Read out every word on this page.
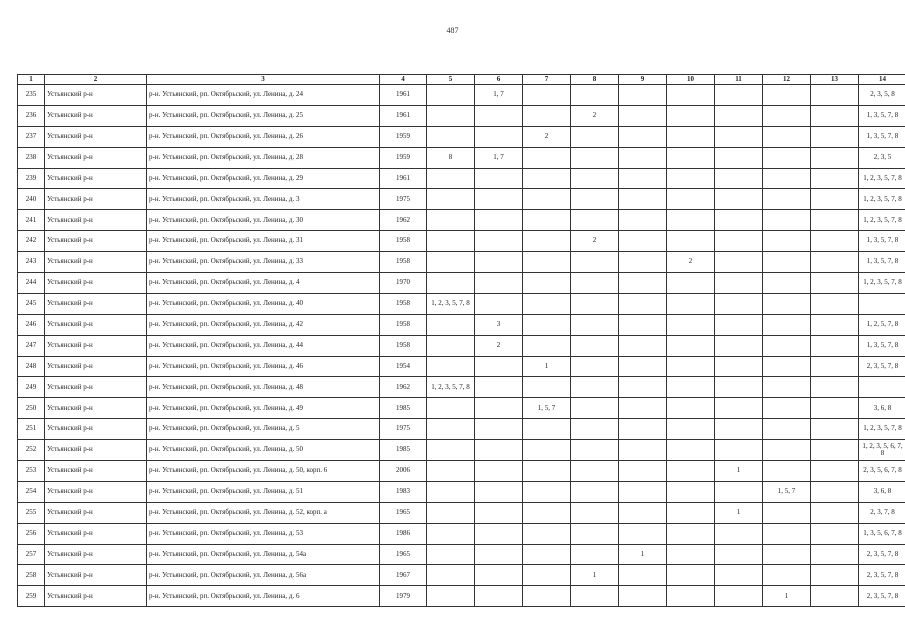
487
1	2	3	4	5	6	7	8	9	10	11	12	13	14
235	Устьянский р-н	р-н. Устьянский, рп. Октябрьский, ул. Ленина, д. 24	1961		1, 7								2, 3, 5, 8
236	Устьянский р-н	р-н. Устьянский, рп. Октябрьский, ул. Ленина, д. 25	1961				2						1, 3, 5, 7, 8
237	Устьянский р-н	р-н. Устьянский, рп. Октябрьский, ул. Ленина, д. 26	1959			2							1, 3, 5, 7, 8
238	Устьянский р-н	р-н. Устьянский, рп. Октябрьский, ул. Ленина, д. 28	1959	8	1, 7								2, 3, 5
239	Устьянский р-н	р-н. Устьянский, рп. Октябрьский, ул. Ленина, д. 29	1961										1, 2, 3, 5, 7, 8
240	Устьянский р-н	р-н. Устьянский, рп. Октябрьский, ул. Ленина, д. 3	1975										1, 2, 3, 5, 7, 8
241	Устьянский р-н	р-н. Устьянский, рп. Октябрьский, ул. Ленина, д. 30	1962										1, 2, 3, 5, 7, 8
242	Устьянский р-н	р-н. Устьянский, рп. Октябрьский, ул. Ленина, д. 31	1958				2						1, 3, 5, 7, 8
243	Устьянский р-н	р-н. Устьянский, рп. Октябрьский, ул. Ленина, д. 33	1958						2				1, 3, 5, 7, 8
244	Устьянский р-н	р-н. Устьянский, рп. Октябрьский, ул. Ленина, д. 4	1970										1, 2, 3, 5, 7, 8
245	Устьянский р-н	р-н. Устьянский, рп. Октябрьский, ул. Ленина, д. 40	1958	1, 2, 3, 5, 7, 8									
246	Устьянский р-н	р-н. Устьянский, рп. Октябрьский, ул. Ленина, д. 42	1958		3								1, 2, 5, 7, 8
247	Устьянский р-н	р-н. Устьянский, рп. Октябрьский, ул. Ленина, д. 44	1958		2								1, 3, 5, 7, 8
248	Устьянский р-н	р-н. Устьянский, рп. Октябрьский, ул. Ленина, д. 46	1954			1							2, 3, 5, 7, 8
249	Устьянский р-н	р-н. Устьянский, рп. Октябрьский, ул. Ленина, д. 48	1962	1, 2, 3, 5, 7, 8									
250	Устьянский р-н	р-н. Устьянский, рп. Октябрьский, ул. Ленина, д. 49	1985			1, 5, 7							3, 6, 8
251	Устьянский р-н	р-н. Устьянский, рп. Октябрьский, ул. Ленина, д. 5	1975										1, 2, 3, 5, 7, 8
252	Устьянский р-н	р-н. Устьянский, рп. Октябрьский, ул. Ленина, д. 50	1985										1, 2, 3, 5, 6, 7, 8
253	Устьянский р-н	р-н. Устьянский, рп. Октябрьский, ул. Ленина, д. 50, корп. 6	2006							1			2, 3, 5, 6, 7, 8
254	Устьянский р-н	р-н. Устьянский, рп. Октябрьский, ул. Ленина, д. 51	1983								1, 5, 7		3, 6, 8
255	Устьянский р-н	р-н. Устьянский, рп. Октябрьский, ул. Ленина, д. 52, корп. а	1965							1			2, 3, 7, 8
256	Устьянский р-н	р-н. Устьянский, рп. Октябрьский, ул. Ленина, д. 53	1986										1, 3, 5, 6, 7, 8
257	Устьянский р-н	р-н. Устьянский, рп. Октябрьский, ул. Ленина, д. 54а	1965					1					2, 3, 5, 7, 8
258	Устьянский р-н	р-н. Устьянский, рп. Октябрьский, ул. Ленина, д. 56а	1967				1						2, 3, 5, 7, 8
259	Устьянский р-н	р-н. Устьянский, рп. Октябрьский, ул. Ленина, д. 6	1979								1		2, 3, 5, 7, 8
